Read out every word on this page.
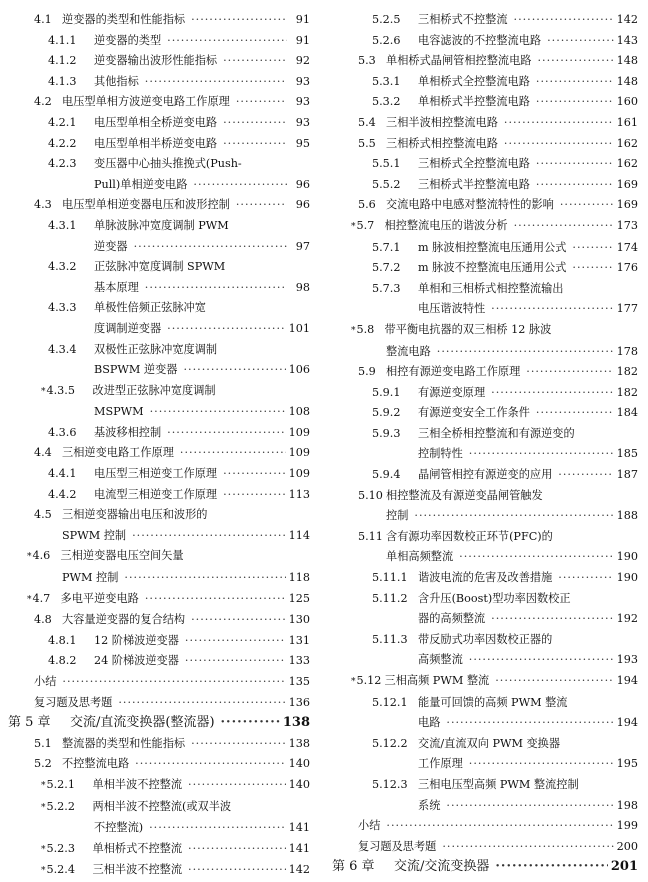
4.1 逆变器的类型和性能指标 ·····	91
4.1.1	逆变器的类型 ·····	91
4.1.2	逆变器输出波形性能指标 ·····	92
4.1.3	其他指标 ·····	93
4.2 电压型单相方波逆变电路工作原理 ·····	93
4.2.1	电压型单相全桥逆变电路 ·····	93
4.2.2	电压型单相半桥逆变电路 ·····	95
4.2.3	变压器中心抽头推挽式(Push-
Pull)单相逆变电路 ·····	96
4.3 电压型单相逆变器电压和波形控制 ·····	96
4.3.1	单脉波脉冲宽度调制 PWM
逆变器 ·····	97
4.3.2	正弦脉冲宽度调制 SPWM
基本原理 ·····	98
4.3.3	单极性倍频正弦脉冲宽
度调制逆变器 ·····	101
4.3.4	双极性正弦脉冲宽度调制
BSPWM 逆变器 ·····	106
* 4.3.5	改进型正弦脉冲宽度调制
MSPWM ·····	108
4.3.6	基波移相控制 ·····	109
4.4 三相逆变电路工作原理 ·····	109
4.4.1	电压型三相逆变工作原理 ·····	109
4.4.2	电流型三相逆变工作原理 ·····	113
4.5 三相逆变器输出电压和波形的
SPWM 控制 ·····	114
* 4.6 三相逆变器电压空间矢量
PWM 控制 ·····	118
* 4.7 多电平逆变电路 ·····	125
4.8 大容量逆变器的复合结构 ·····	130
4.8.1	12 阶梯波逆变器 ·····	131
4.8.2	24 阶梯波逆变器 ·····	133
小结 ·····	135
复习题及思考题 ·····	136
第 5 章	交流/直流变换器(整流器) ·····	138
5.1 整流器的类型和性能指标 ·····	138
5.2 不控整流电路 ·····	140
* 5.2.1	单相半波不控整流 ·····	140
* 5.2.2	两相半波不控整流(或双半波
不控整流) ·····	141
* 5.2.3	单相桥式不控整流 ·····	141
* 5.2.4	三相半波不控整流 ·····	142
5.2.5	三相桥式不控整流 ·····	142
5.2.6	电容滤波的不控整流电路 ·····	143
5.3 单相桥式晶闸管相控整流电路 ·····	148
5.3.1	单相桥式全控整流电路 ·····	148
5.3.2	单相桥式半控整流电路 ·····	160
5.4 三相半波相控整流电路 ·····	161
5.5 三相桥式相控整流电路 ·····	162
5.5.1	三相桥式全控整流电路 ·····	162
5.5.2	三相桥式半控整流电路 ·····	169
5.6 交流电路中电感对整流特性的影响 ·····	169
* 5.7 相控整流电压的谐波分析 ·····	173
5.7.1	m 脉波相控整流电压通用公式 ·····	174
5.7.2	m 脉波不控整流电压通用公式 ·····	176
5.7.3	单相和三相桥式相控整流输出
电压谐波特性 ·····	177
* 5.8 带平衡电抗器的双三相桥 12 脉波
整流电路 ·····	178
5.9 相控有源逆变电路工作原理 ·····	182
5.9.1	有源逆变原理 ·····	182
5.9.2	有源逆变安全工作条件 ·····	184
5.9.3	三相全桥相控整流和有源逆变的
控制特性 ·····	185
5.9.4	晶闸管相控有源逆变的应用 ·····	187
5.10 相控整流及有源逆变晶闸管触发
控制 ·····	188
5.11 含有源功率因数校正环节(PFC)的
单相高频整流 ·····	190
5.11.1 谐波电流的危害及改善措施 ·····	190
5.11.2 含升压(Boost)型功率因数校正
器的高频整流 ·····	192
5.11.3 带反励式功率因数校正器的
高频整流 ·····	193
* 5.12 三相高频 PWM 整流 ·····	194
5.12.1 能量可回馈的高频 PWM 整流
电路 ·····	194
5.12.2 交流/直流双向 PWM 变换器
工作原理 ·····	195
5.12.3 三相电压型高频 PWM 整流控制
系统 ·····	198
小结 ·····	199
复习题及思考题 ·····	200
第 6 章	交流/交流变换器 ·····	201
